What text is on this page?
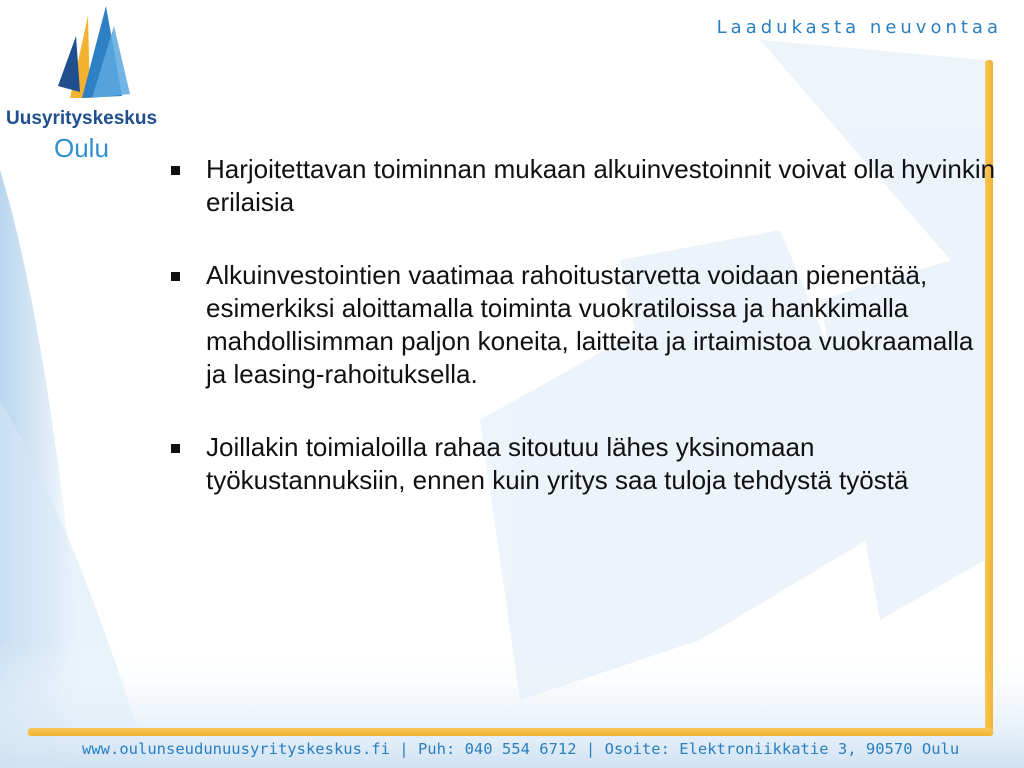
Uusyrityskeskus
Oulu
Laadukasta neuvontaa
Harjoitettavan toiminnan mukaan alkuinvestoinnit voivat olla hyvinkin erilaisia
Alkuinvestointien vaatimaa rahoitustarvetta voidaan pienentää, esimerkiksi aloittamalla toiminta vuokratiloissa ja hankkimalla mahdollisimman paljon koneita, laitteita ja irtaimistoa vuokraamalla ja leasing-rahoituksella.
Joillakin toimialoilla rahaa sitoutuu lähes yksinomaan työkustannuksiin, ennen kuin yritys saa tuloja tehdystä työstä
www.oulunseudunuusyrityskeskus.fi | Puh: 040 554 6712 | Osoite: Elektroniikkatie 3, 90570 Oulu
